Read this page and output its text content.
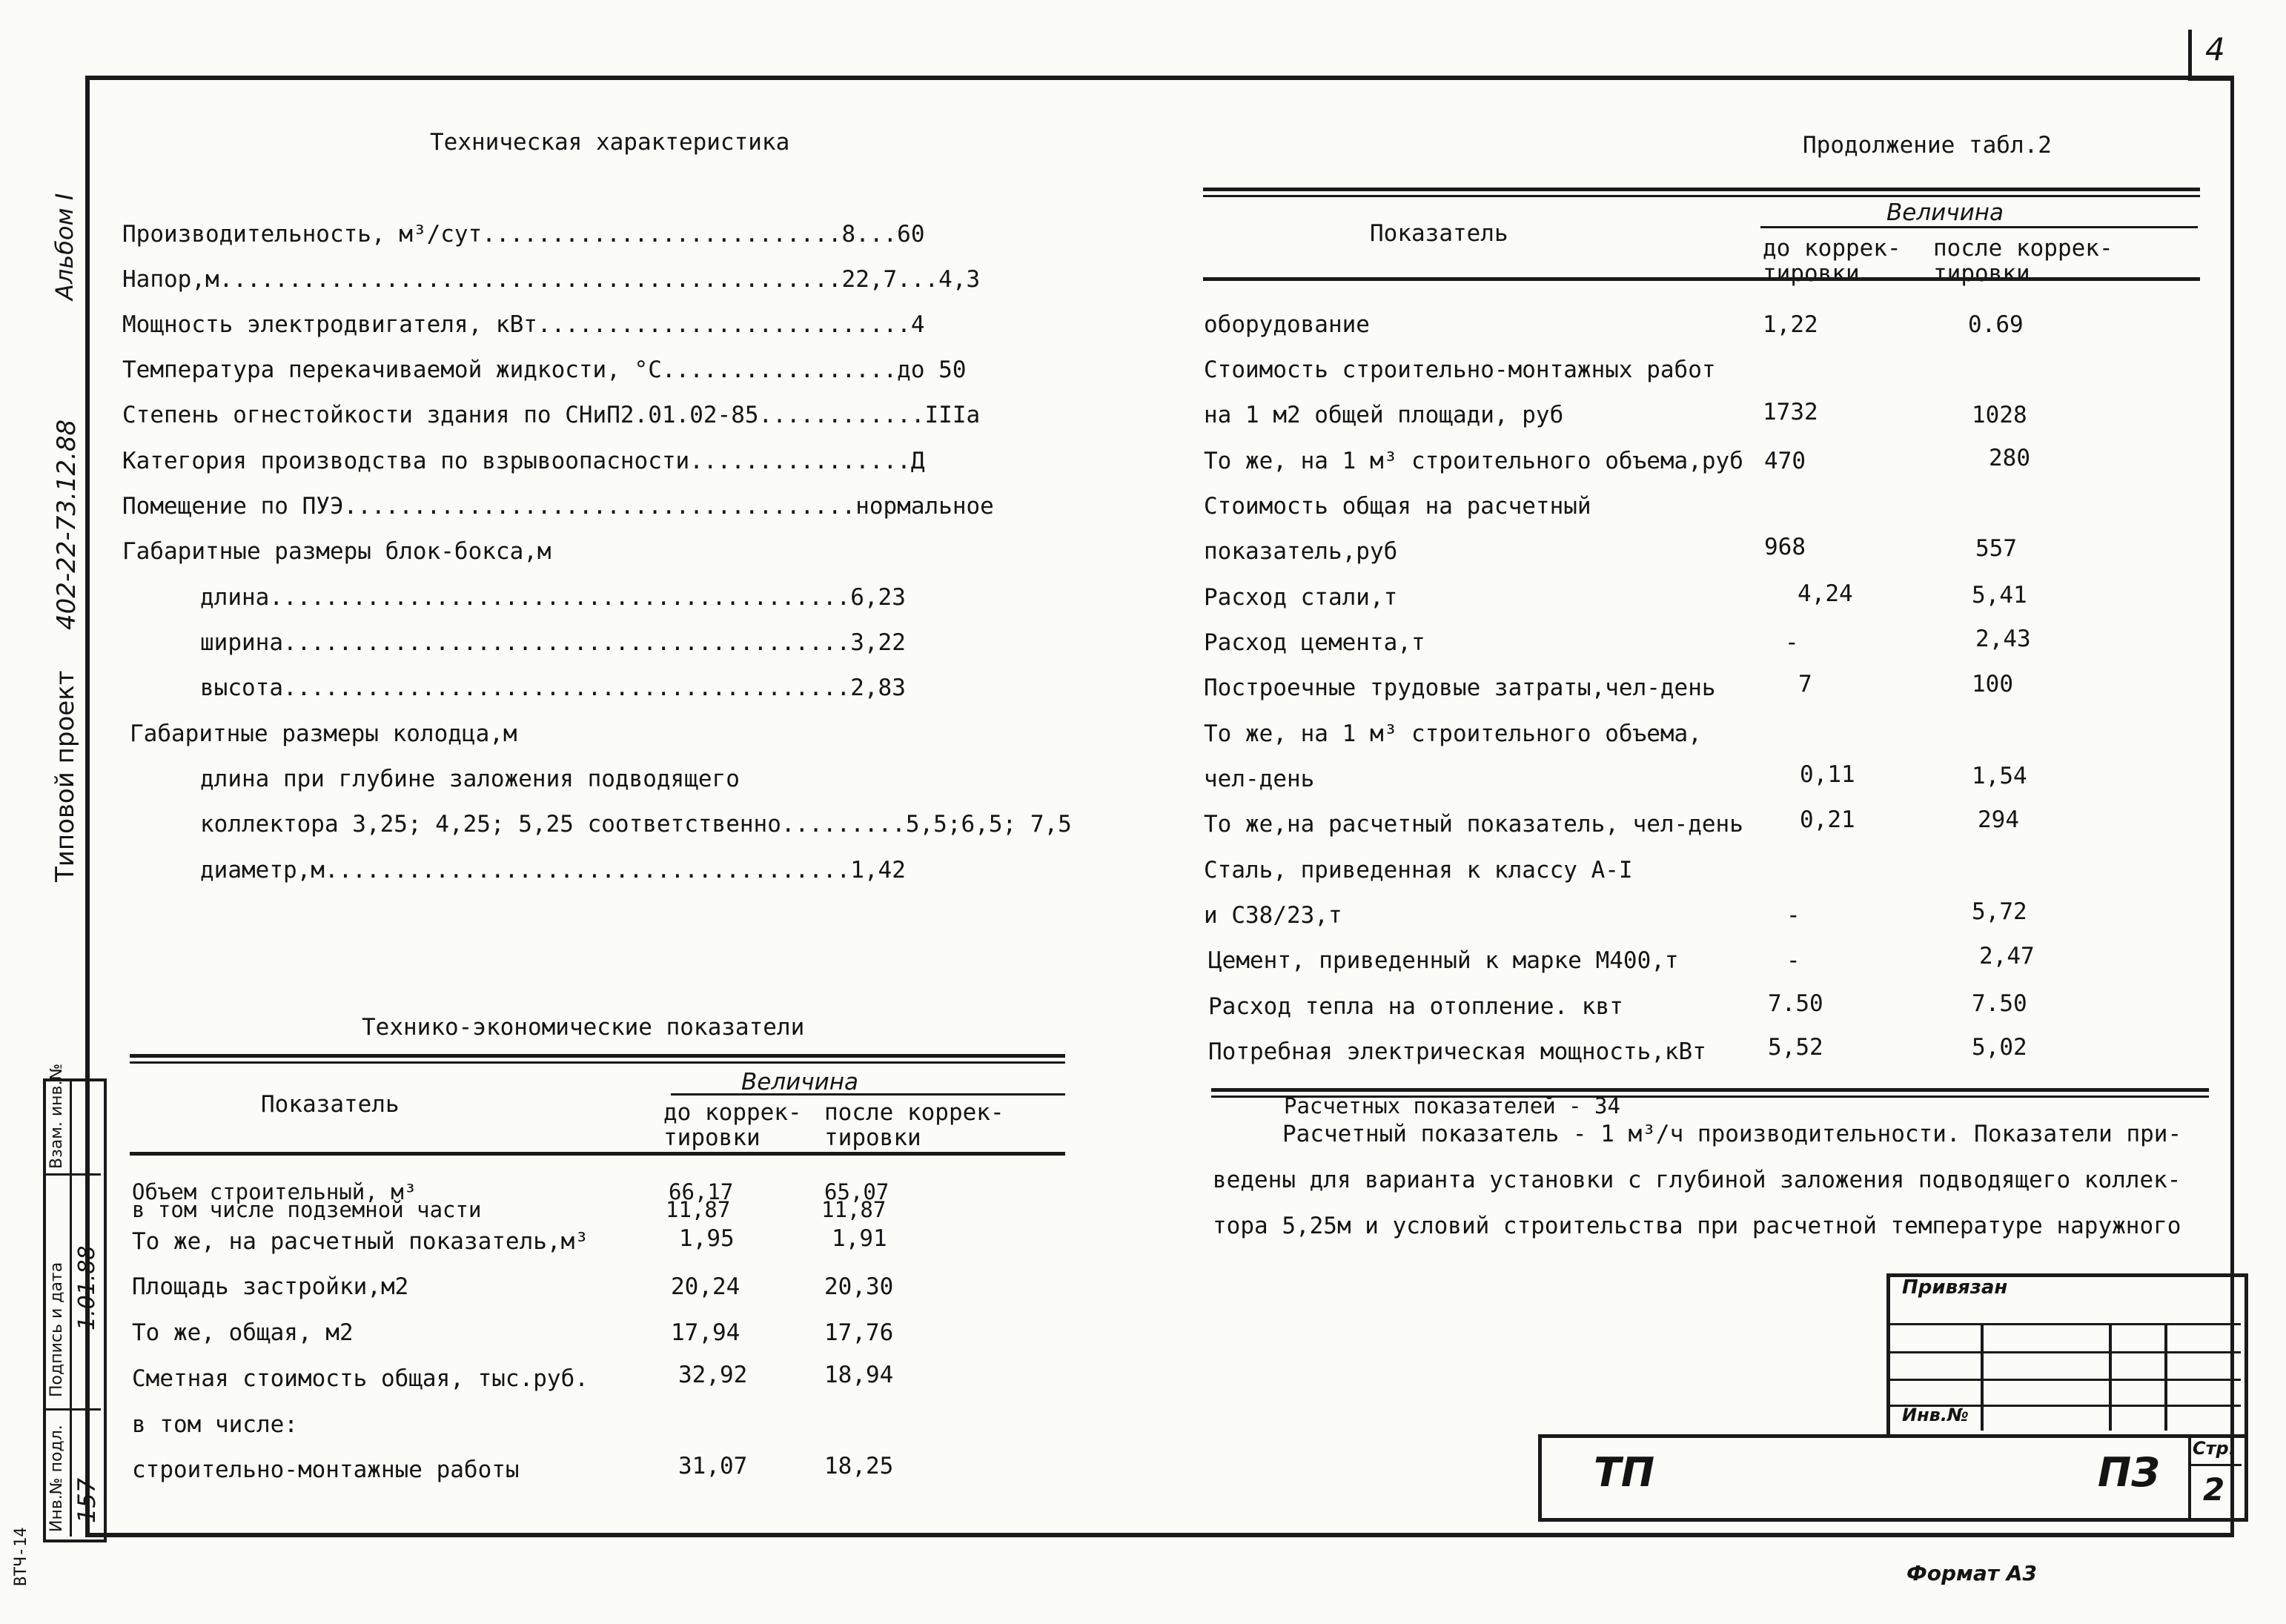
4
Альбом I
402-22-73.12.88
Типовой проект
Взам. инв.№
Подпись и дата
Инв.№ подл.
1.01.88
157
ВТЧ-14
Техническая характеристика
Производительность, м³/сут..........................8...60
Напор,м.............................................22,7...4,3
Мощность электродвигателя, кВт...........................4
Температура перекачиваемой жидкости, °С.................до 50
Степень огнестойкости здания по СНиП2.01.02-85............IIIа
Категория производства по взрывоопасности................Д
Помещение по ПУЭ.....................................нормальное
Габаритные размеры блок-бокса,м
длина..........................................6,23
ширина.........................................3,22
высота.........................................2,83
Габаритные размеры колодца,м
длина при глубине заложения подводящего
коллектора 3,25; 4,25; 5,25 соответственно.........5,5;6,5; 7,5
диаметр,м......................................1,42
Технико-экономические показатели
Показатель
Величина
до коррек-
тировки
после коррек-
тировки
Объем строительный, м³	66,17	65,07
в том числе подземной части	11,87	11,87
То же, на расчетный показатель,м³	1,95	1,91
Площадь застройки,м2	20,24	20,30
То же, общая, м2	17,94	17,76
Сметная стоимость общая, тыс.руб.	32,92	18,94
в том числе:
строительно-монтажные работы	31,07	18,25
Продолжение табл.2
Показатель
Величина
до коррек-
тировки
после коррек-
тировки
оборудование	1,22	0.69
Стоимость строительно-монтажных работ
на 1 м2 общей площади, руб	1732	1028
То же, на 1 м³ строительного объема,руб 470	280
Стоимость общая на расчетный
показатель,руб	968	557
Расход стали,т	4,24	5,41
Расход цемента,т	-	2,43
Построечные трудовые затраты,чел-день	7	100
То же, на 1 м³ строительного объема,
чел-день	0,11	1,54
То же,на расчетный показатель, чел-день 0,21	294
Сталь, приведенная к классу А-I
и С38/23,т	-	5,72
Цемент, приведенный к марке М400,т	-	2,47
Расход тепла на отопление. квт	7.50	7.50
Потребная электрическая мощность,кВт	5,52	5,02
Расчетных показателей - 34
Расчетный показатель - 1 м³/ч производительности. Показатели при-
ведены для варианта установки с глубиной заложения подводящего коллек-
тора 5,25м и условий строительства при расчетной температуре наружного
Привязан
Инв.№
ТП	ПЗ
Стр.
2
Формат А3
